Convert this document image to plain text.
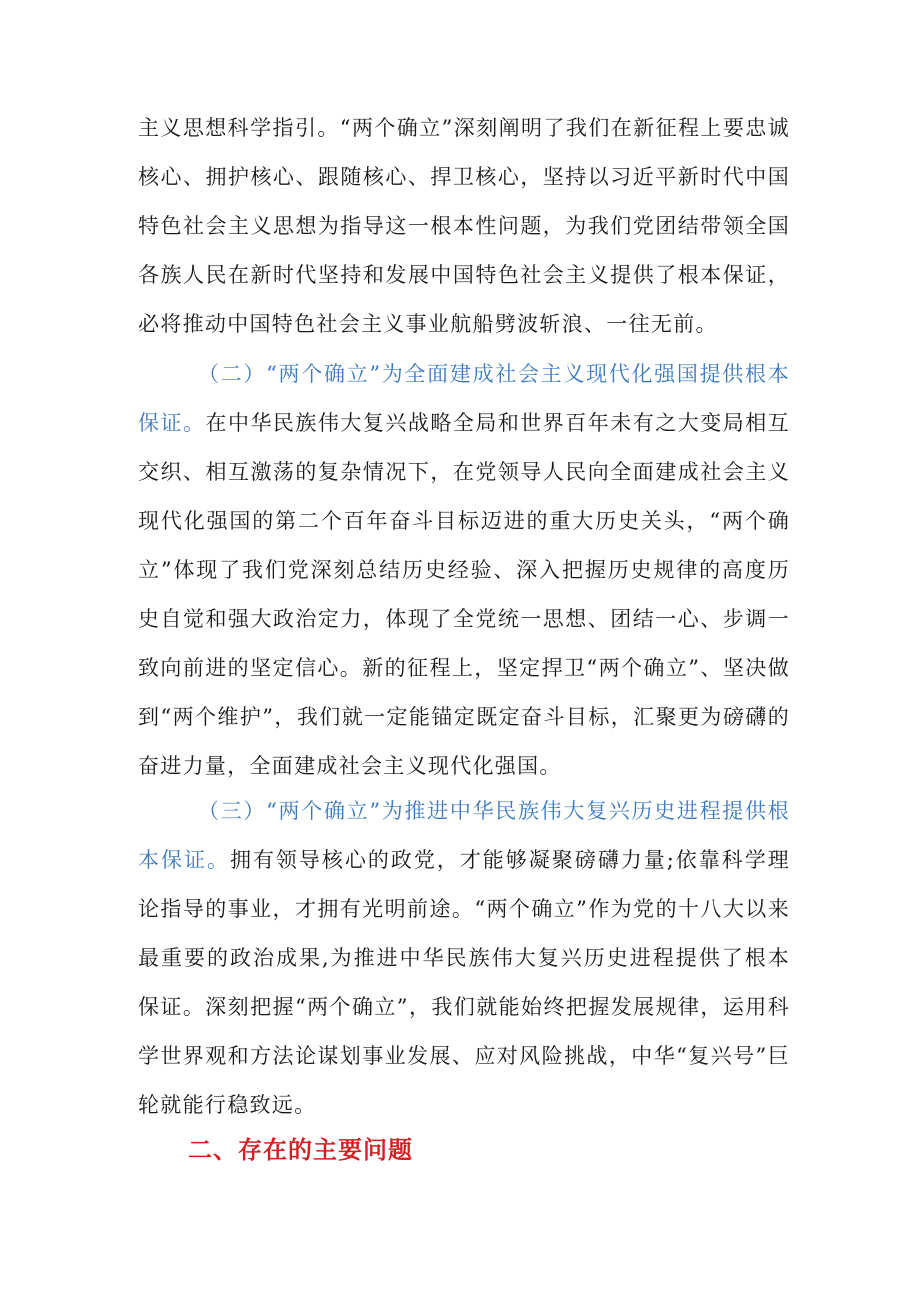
主义思想科学指引。“两个确立”深刻阐明了我们在新征程上要忠诚核心、拥护核心、跟随核心、捍卫核心，坚持以习近平新时代中国特色社会主义思想为指导这一根本性问题，为我们党团结带领全国各族人民在新时代坚持和发展中国特色社会主义提供了根本保证，必将推动中国特色社会主义事业航船劈波斩浪、一往无前。

（二）“两个确立”为全面建成社会主义现代化强国提供根本保证。在中华民族伟大复兴战略全局和世界百年未有之大变局相互交织、相互激荡的复杂情况下，在党领导人民向全面建成社会主义现代化强国的第二个百年奋斗目标迈进的重大历史关头，“两个确立”体现了我们党深刻总结历史经验、深入把握历史规律的高度历史自觉和强大政治定力，体现了全党统一思想、团结一心、步调一致向前进的坚定信心。新的征程上，坚定捍卫“两个确立”、坚决做到“两个维护”，我们就一定能锚定既定奋斗目标，汇聚更为磅礴的奋进力量，全面建成社会主义现代化强国。

（三）“两个确立”为推进中华民族伟大复兴历史进程提供根本保证。拥有领导核心的政党，才能够凝聚磅礴力量;依靠科学理论指导的事业，才拥有光明前途。“两个确立”作为党的十八大以来最重要的政治成果,为推进中华民族伟大复兴历史进程提供了根本保证。深刻把握“两个确立”，我们就能始终把握发展规律，运用科学世界观和方法论谋划事业发展、应对风险挑战，中华“复兴号”巨轮就能行稳致远。

二、存在的主要问题
